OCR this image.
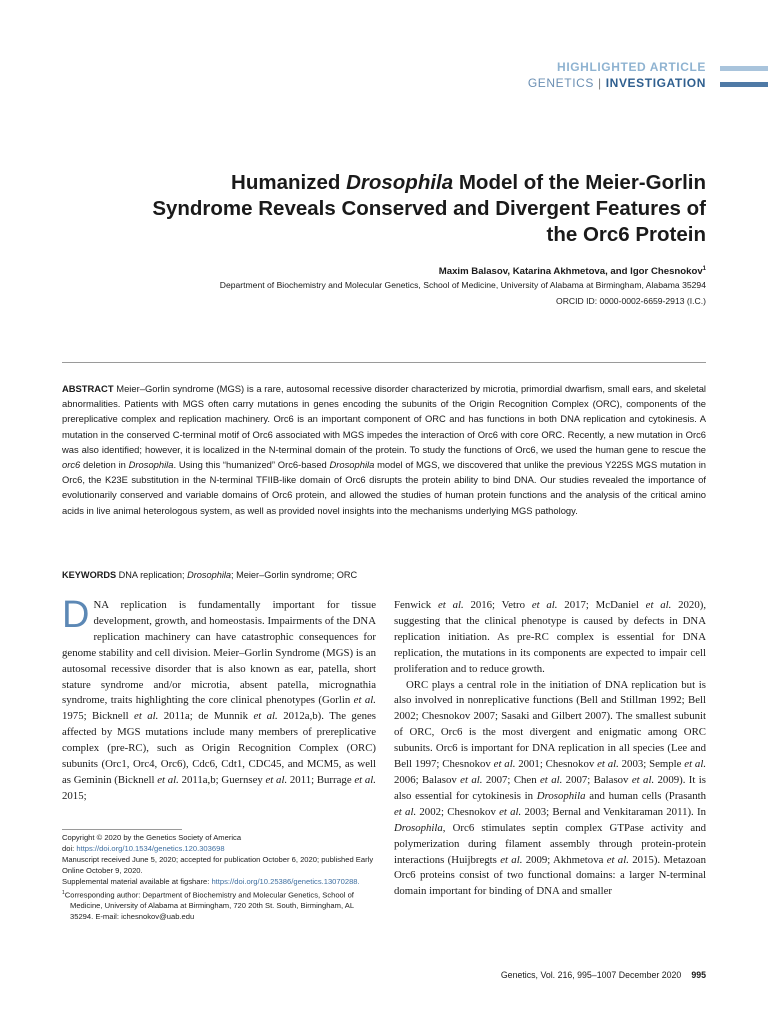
HIGHLIGHTED ARTICLE
GENETICS | INVESTIGATION
Humanized Drosophila Model of the Meier-Gorlin Syndrome Reveals Conserved and Divergent Features of the Orc6 Protein
Maxim Balasov, Katarina Akhmetova, and Igor Chesnokov$^1$
Department of Biochemistry and Molecular Genetics, School of Medicine, University of Alabama at Birmingham, Alabama 35294
ORCID ID: 0000-0002-6659-2913 (I.C.)
ABSTRACT Meier–Gorlin syndrome (MGS) is a rare, autosomal recessive disorder characterized by microtia, primordial dwarfism, small ears, and skeletal abnormalities. Patients with MGS often carry mutations in genes encoding the subunits of the Origin Recognition Complex (ORC), components of the prereplicative complex and replication machinery. Orc6 is an important component of ORC and has functions in both DNA replication and cytokinesis. A mutation in the conserved C-terminal motif of Orc6 associated with MGS impedes the interaction of Orc6 with core ORC. Recently, a new mutation in Orc6 was also identified; however, it is localized in the N-terminal domain of the protein. To study the functions of Orc6, we used the human gene to rescue the orc6 deletion in Drosophila. Using this “humanized” Orc6-based Drosophila model of MGS, we discovered that unlike the previous Y225S MGS mutation in Orc6, the K23E substitution in the N-terminal TFIIB-like domain of Orc6 disrupts the protein ability to bind DNA. Our studies revealed the importance of evolutionarily conserved and variable domains of Orc6 protein, and allowed the studies of human protein functions and the analysis of the critical amino acids in live animal heterologous system, as well as provided novel insights into the mechanisms underlying MGS pathology.
KEYWORDS DNA replication; Drosophila; Meier–Gorlin syndrome; ORC

DNA replication is fundamentally important for tissue development, growth, and homeostasis. Impairments of the DNA replication machinery can have catastrophic consequences for genome stability and cell division. Meier–Gorlin Syndrome (MGS) is an autosomal recessive disorder that is also known as ear, patella, short stature syndrome and/or microtia, absent patella, micrognathia syndrome, traits highlighting the core clinical phenotypes (Gorlin et al. 1975; Bicknell et al. 2011a; de Munnik et al. 2012a,b). The genes affected by MGS mutations include many members of prereplicative complex (pre-RC), such as Origin Recognition Complex (ORC) subunits (Orc1, Orc4, Orc6), Cdc6, Cdt1, CDC45, and MCM5, as well as Geminin (Bicknell et al. 2011a,b; Guernsey et al. 2011; Burrage et al. 2015;

Copyright © 2020 by the Genetics Society of America
doi: https://doi.org/10.1534/genetics.120.303698
Manuscript received June 5, 2020; accepted for publication October 6, 2020; published Early Online October 9, 2020.
Supplemental material available at figshare: https://doi.org/10.25386/genetics.13070288.
$^1$Corresponding author: Department of Biochemistry and Molecular Genetics, School of Medicine, University of Alabama at Birmingham, 720 20th St. South, Birmingham, AL 35294. E-mail: ichesnokov@uab.edu

Fenwick et al. 2016; Vetro et al. 2017; McDaniel et al. 2020), suggesting that the clinical phenotype is caused by defects in DNA replication initiation. As pre-RC complex is essential for DNA replication, the mutations in its components are expected to impair cell proliferation and to reduce growth.

ORC plays a central role in the initiation of DNA replication but is also involved in nonreplicative functions (Bell and Stillman 1992; Bell 2002; Chesnokov 2007; Sasaki and Gilbert 2007). The smallest subunit of ORC, Orc6 is the most divergent and enigmatic among ORC subunits. Orc6 is important for DNA replication in all species (Lee and Bell 1997; Chesnokov et al. 2001; Chesnokov et al. 2003; Semple et al. 2006; Balasov et al. 2007; Chen et al. 2007; Balasov et al. 2009). It is also essential for cytokinesis in Drosophila and human cells (Prasanth et al. 2002; Chesnokov et al. 2003; Bernal and Venkitaraman 2011). In Drosophila, Orc6 stimulates septin complex GTPase activity and polymerization during filament assembly through protein-protein interactions (Huijbregts et al. 2009; Akhmetova et al. 2015). Metazoan Orc6 proteins consist of two functional domains: a larger N-terminal domain important for binding of DNA and smaller

Genetics, Vol. 216, 995–1007 December 2020 995
